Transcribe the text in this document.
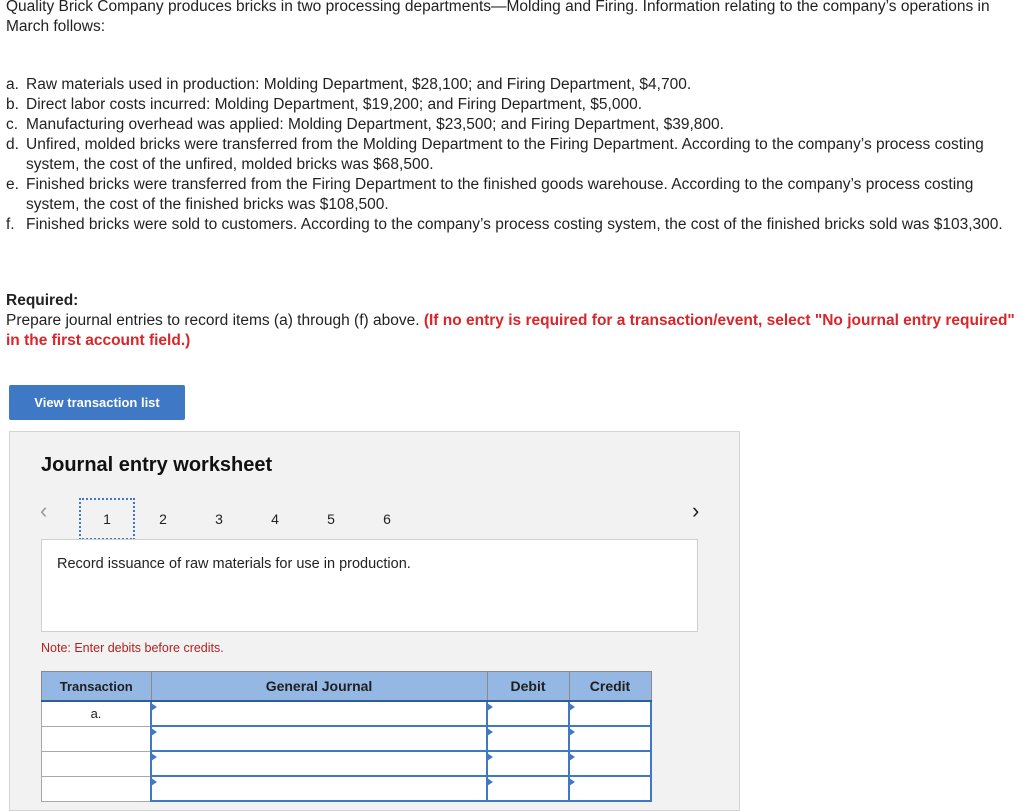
Quality Brick Company produces bricks in two processing departments—Molding and Firing. Information relating to the company’s operations in March follows:
a. Raw materials used in production: Molding Department, $28,100; and Firing Department, $4,700.
b. Direct labor costs incurred: Molding Department, $19,200; and Firing Department, $5,000.
c. Manufacturing overhead was applied: Molding Department, $23,500; and Firing Department, $39,800.
d. Unfired, molded bricks were transferred from the Molding Department to the Firing Department. According to the company’s process costing system, the cost of the unfired, molded bricks was $68,500.
e. Finished bricks were transferred from the Firing Department to the finished goods warehouse. According to the company’s process costing system, the cost of the finished bricks was $108,500.
f. Finished bricks were sold to customers. According to the company’s process costing system, the cost of the finished bricks sold was $103,300.
Required:
Prepare journal entries to record items (a) through (f) above. (If no entry is required for a transaction/event, select "No journal entry required" in the first account field.)
View transaction list
Journal entry worksheet
‹	1	2	3	4	5	6	›
Record issuance of raw materials for use in production.
Note: Enter debits before credits.
Transaction	General Journal	Debit	Credit
a.	
